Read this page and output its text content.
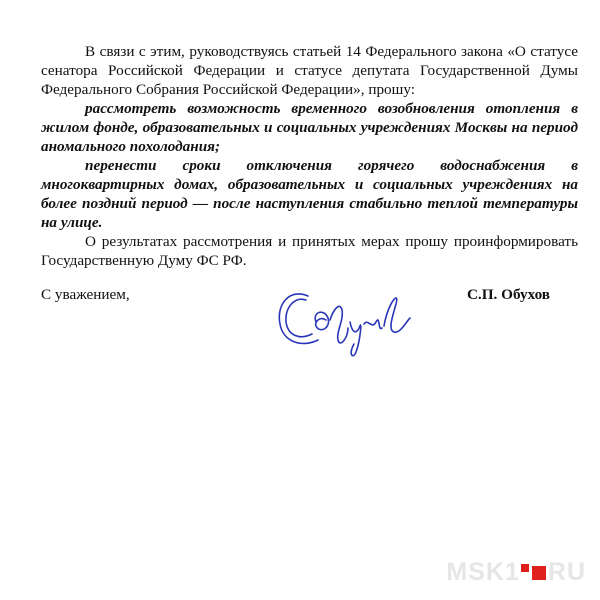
В связи с этим, руководствуясь статьей 14 Федерального закона «О статусе сенатора Российской Федерации и статусе депутата Государственной Думы Федерального Собрания Российской Федерации», прошу:

рассмотреть возможность временного возобновления отопления в жилом фонде, образовательных и социальных учреждениях Москвы на период аномального похолодания;

перенести сроки отключения горячего водоснабжения в многоквартирных домах, образовательных и социальных учреждениях на более поздний период — после наступления стабильно теплой температуры на улице.

О результатах рассмотрения и принятых мерах прошу проинформировать Государственную Думу ФС РФ.

С уважением,	С.П. Обухов
MSK 1 RU
